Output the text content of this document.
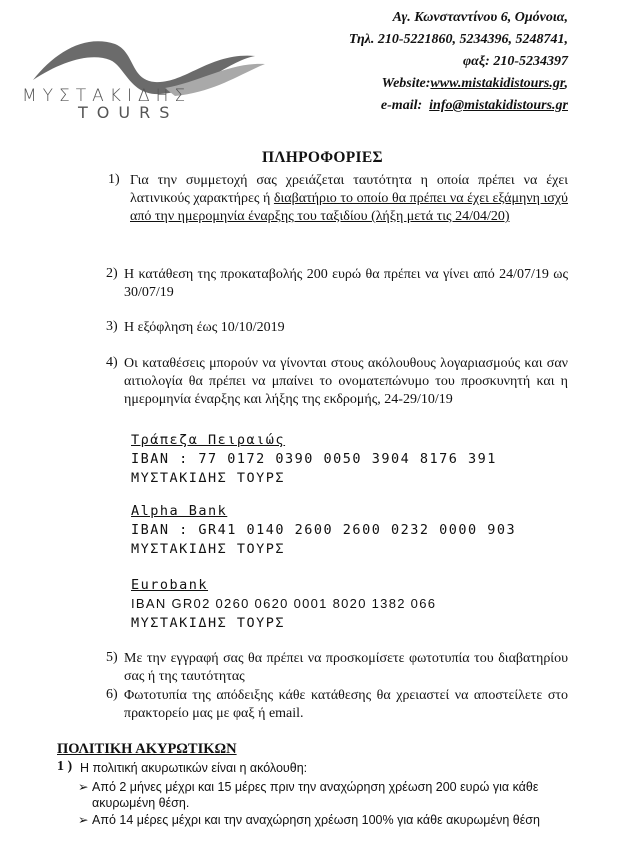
ΜΥΣΤΑΚΙΔΗΣ
TOURS
Αγ. Κωνσταντίνου 6, Ομόνοια,
Τηλ. 210-5221860, 5234396, 5248741,
φαξ: 210-5234397
Website:www.mistakidistours.gr,
e-mail: info@mistakidistours.gr
ΠΛΗΡΟΦΟΡΙΕΣ
1) Για την συμμετοχή σας χρειάζεται ταυτότητα η οποία πρέπει να έχει λατινικούς χαρακτήρες ή διαβατήριο το οποίο θα πρέπει να έχει εξάμηνη ισχύ από την ημερομηνία έναρξης του ταξιδίου (λήξη μετά τις 24/04/20)
2) Η κατάθεση της προκαταβολής 200 ευρώ θα πρέπει να γίνει από 24/07/19 ως 30/07/19
3) Η εξόφληση έως 10/10/2019
4) Οι καταθέσεις μπορούν να γίνονται στους ακόλουθους λογαριασμούς και σαν αιτιολογία θα πρέπει να μπαίνει το ονοματεπώνυμο του προσκυνητή και η ημερομηνία έναρξης και λήξης της εκδρομής, 24-29/10/19
Τράπεζα Πειραιώς
IBAN : 77 0172 0390 0050 3904 8176 391
ΜΥΣΤΑΚΙΔΗΣ ΤΟΥΡΣ
Alpha Bank
IBAN : GR41 0140 2600 2600 0232 0000 903
ΜΥΣΤΑΚΙΔΗΣ ΤΟΥΡΣ
Eurobank
IBAN GR02 0260 0620 0001 8020 1382 066
ΜΥΣΤΑΚΙΔΗΣ ΤΟΥΡΣ
5) Με την εγγραφή σας θα πρέπει να προσκομίσετε φωτοτυπία του διαβατηρίου σας ή της ταυτότητας
6) Φωτοτυπία της απόδειξης κάθε κατάθεσης θα χρειαστεί να αποστείλετε στο πρακτορείο μας με φαξ ή email.
ΠΟΛΙΤΙΚΗ ΑΚΥΡΩΤΙΚΩΝ
1 ) Η πολιτική ακυρωτικών είναι η ακόλουθη:
➢ Από 2 μήνες μέχρι και 15 μέρες πριν την αναχώρηση χρέωση 200 ευρώ για κάθε ακυρωμένη θέση.
➢ Από 14 μέρες μέχρι και την αναχώρηση χρέωση 100% για κάθε ακυρωμένη θέση
